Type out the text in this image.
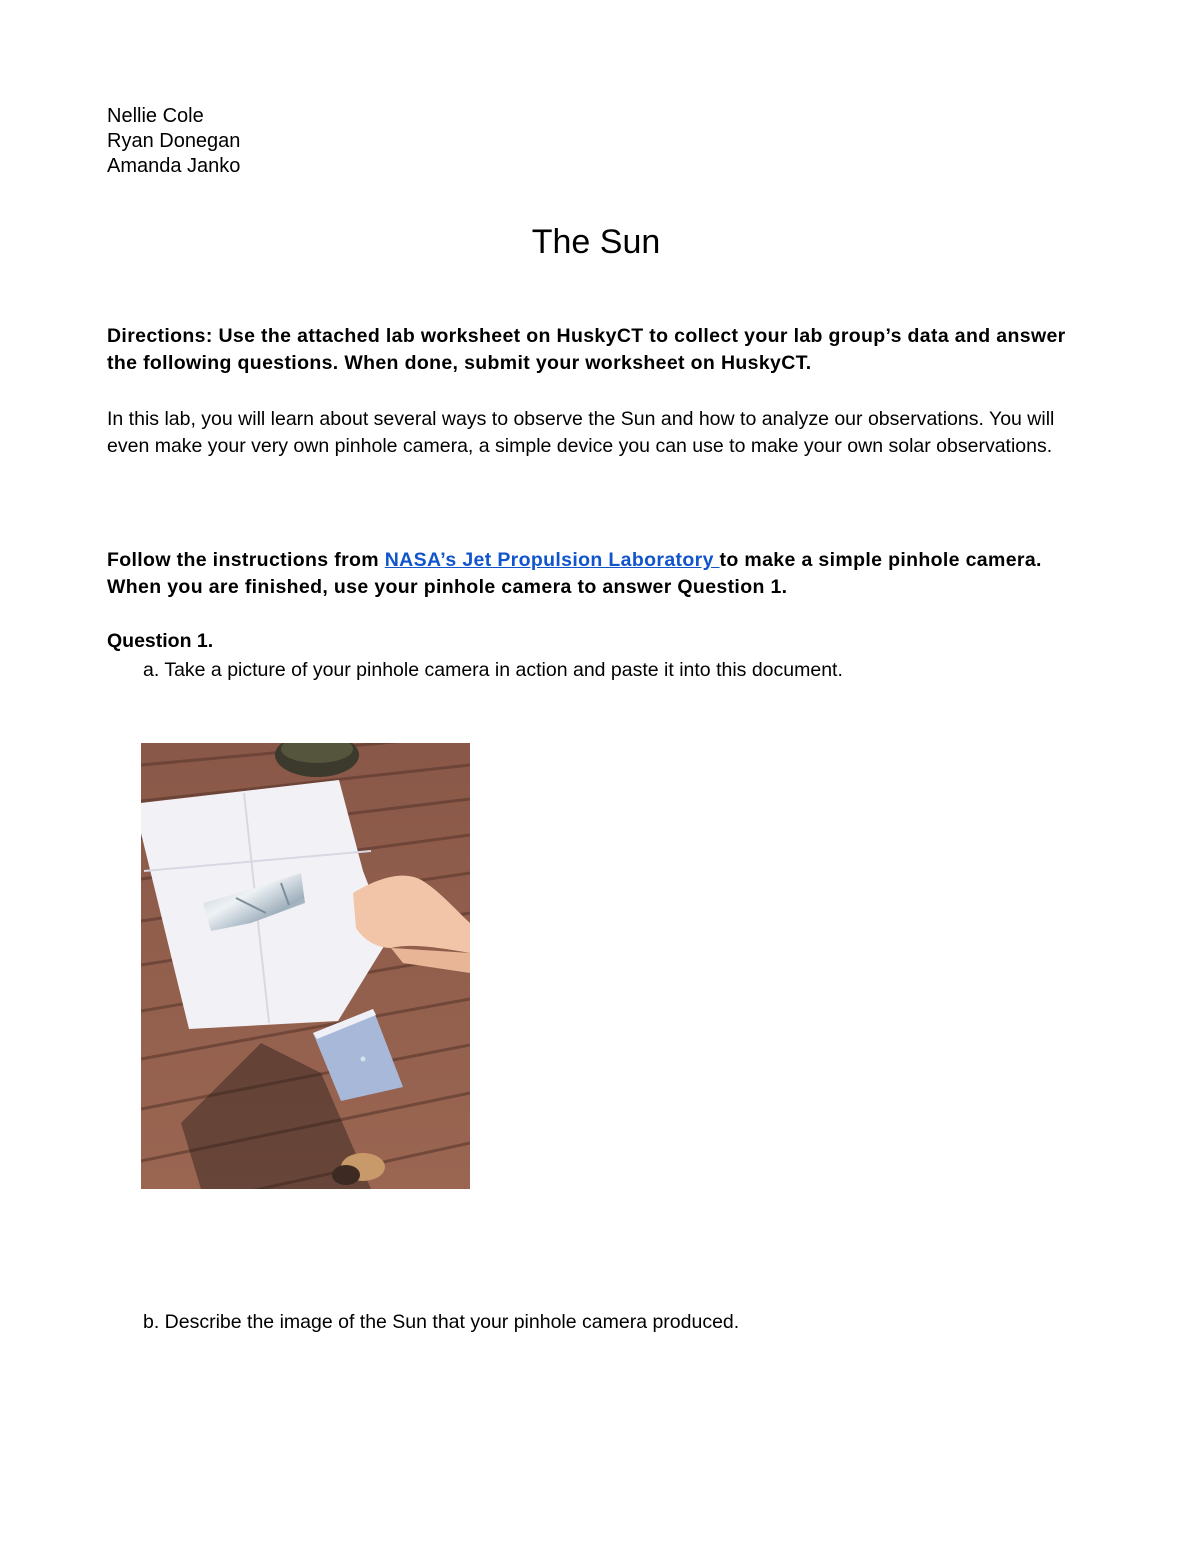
Nellie Cole
Ryan Donegan
Amanda Janko
The Sun
Directions: Use the attached lab worksheet on HuskyCT to collect your lab group’s data and answer the following questions. When done, submit your worksheet on HuskyCT.
In this lab, you will learn about several ways to observe the Sun and how to analyze our observations. You will even make your very own pinhole camera, a simple device you can use to make your own solar observations.
Follow the instructions from NASA’s Jet Propulsion Laboratory to make a simple pinhole camera. When you are finished, use your pinhole camera to answer Question 1.
Question 1.
a. Take a picture of your pinhole camera in action and paste it into this document.
b. Describe the image of the Sun that your pinhole camera produced.
